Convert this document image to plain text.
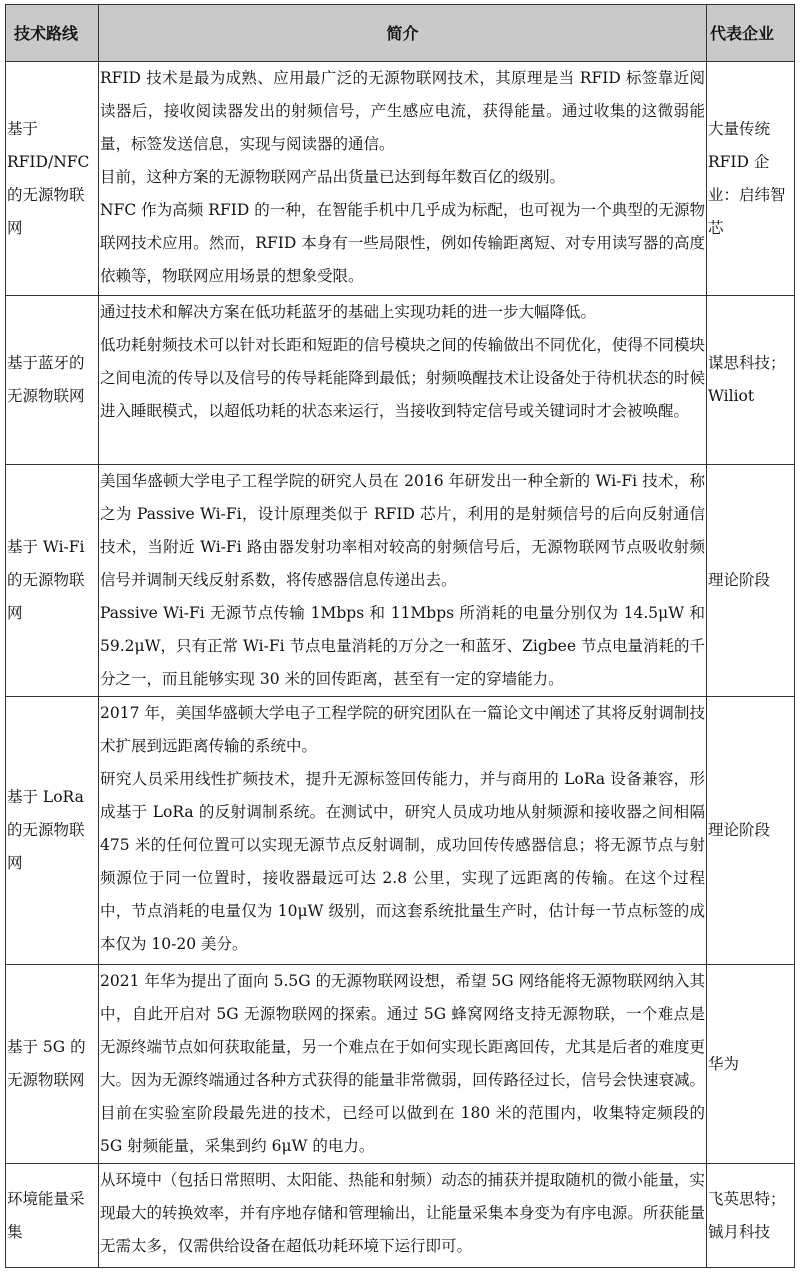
技术路线	简介	代表企业
基于 RFID/NFC 的无源物联网	RFID 技术是最为成熟、应用最广泛的无源物联网技术，其原理是当 RFID 标签靠近阅读器后，接收阅读器发出的射频信号，产生感应电流，获得能量。通过收集的这微弱能量，标签发送信息，实现与阅读器的通信。

目前，这种方案的无源物联网产品出货量已达到每年数百亿的级别。

NFC 作为高频 RFID 的一种，在智能手机中几乎成为标配，也可视为一个典型的无源物联网技术应用。然而，RFID 本身有一些局限性，例如传输距离短、对专用读写器的高度依赖等，物联网应用场景的想象受限。	大量传统 RFID 企业：启纬智芯
基于蓝牙的无源物联网	通过技术和解决方案在低功耗蓝牙的基础上实现功耗的进一步大幅降低。

低功耗射频技术可以针对长距和短距的信号模块之间的传输做出不同优化，使得不同模块之间电流的传导以及信号的传导耗能降到最低；射频唤醒技术让设备处于待机状态的时候进入睡眠模式，以超低功耗的状态来运行，当接收到特定信号或关键词时才会被唤醒。	谋思科技；Wiliot
基于 Wi-Fi 的无源物联网	美国华盛顿大学电子工程学院的研究人员在 2016 年研发出一种全新的 Wi-Fi 技术，称之为 Passive Wi-Fi，设计原理类似于 RFID 芯片，利用的是射频信号的后向反射通信技术，当附近 Wi-Fi 路由器发射功率相对较高的射频信号后，无源物联网节点吸收射频信号并调制天线反射系数，将传感器信息传递出去。

Passive Wi-Fi 无源节点传输 1Mbps 和 11Mbps 所消耗的电量分别仅为 14.5μW 和 59.2μW，只有正常 Wi-Fi 节点电量消耗的万分之一和蓝牙、Zigbee 节点电量消耗的千分之一，而且能够实现 30 米的回传距离，甚至有一定的穿墙能力。	理论阶段
基于 LoRa 的无源物联网	2017 年，美国华盛顿大学电子工程学院的研究团队在一篇论文中阐述了其将反射调制技术扩展到远距离传输的系统中。

研究人员采用线性扩频技术，提升无源标签回传能力，并与商用的 LoRa 设备兼容，形成基于 LoRa 的反射调制系统。在测试中，研究人员成功地从射频源和接收器之间相隔 475 米的任何位置可以实现无源节点反射调制，成功回传传感器信息；将无源节点与射频源位于同一位置时，接收器最远可达 2.8 公里，实现了远距离的传输。在这个过程中，节点消耗的电量仅为 10μW 级别，而这套系统批量生产时，估计每一节点标签的成本仅为 10-20 美分。	理论阶段
基于 5G 的无源物联网	2021 年华为提出了面向 5.5G 的无源物联网设想，希望 5G 网络能将无源物联网纳入其中，自此开启对 5G 无源物联网的探索。通过 5G 蜂窝网络支持无源物联，一个难点是无源终端节点如何获取能量，另一个难点在于如何实现长距离回传，尤其是后者的难度更大。因为无源终端通过各种方式获得的能量非常微弱，回传路径过长，信号会快速衰减。目前在实验室阶段最先进的技术，已经可以做到在 180 米的范围内，收集特定频段的 5G 射频能量，采集到约 6μW 的电力。	华为
环境能量采集	从环境中（包括日常照明、太阳能、热能和射频）动态的捕获并提取随机的微小能量，实现最大的转换效率，并有序地存储和管理输出，让能量采集本身变为有序电源。所获能量无需太多，仅需供给设备在超低功耗环境下运行即可。	飞英思特；铖月科技
